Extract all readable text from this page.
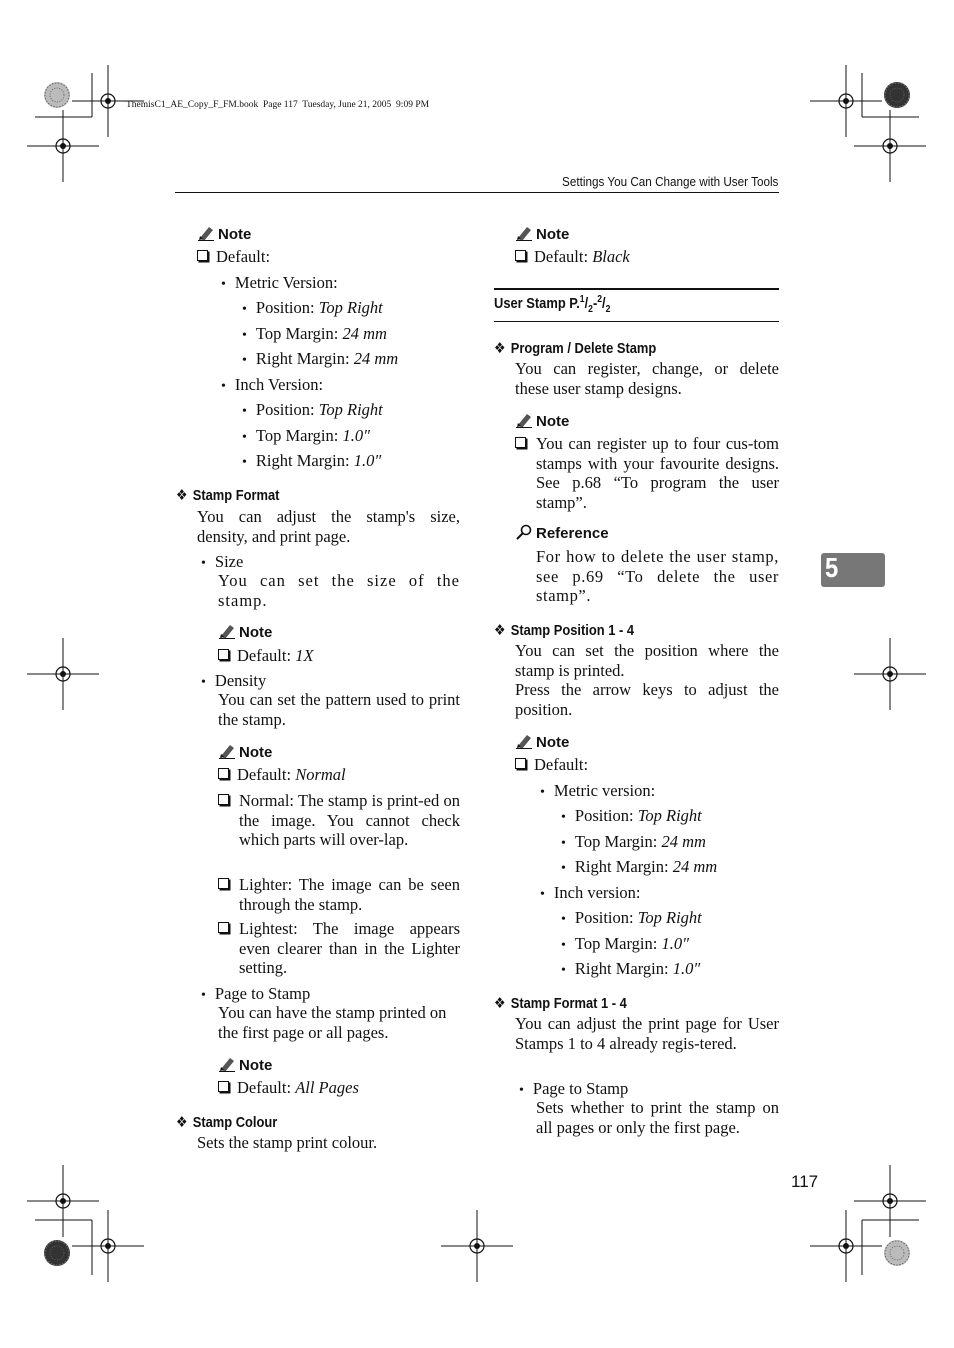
ThemisC1_AE_Copy_F_FM.book  Page 117  Tuesday, June 21, 2005  9:09 PM
Settings You Can Change with User Tools
5
Note
Default:
• Metric Version:
• Position: Top Right
• Top Margin: 24 mm
• Right Margin: 24 mm
• Inch Version:
• Position: Top Right
• Top Margin: 1.0″
• Right Margin: 1.0″
❖ Stamp Format
You can adjust the stamp's size, density, and print page.
• Size
You can set the size of the stamp.
Note
Default: 1X
• Density
You can set the pattern used to print the stamp.
Note
Default: Normal
Normal: The stamp is print-ed on the image. You cannot check which parts will over-lap.
Lighter: The image can be seen through the stamp.
Lightest: The image appears even clearer than in the Lighter setting.
• Page to Stamp
You can have the stamp printed on the first page or all pages.
Note
Default: All Pages
❖ Stamp Colour
Sets the stamp print colour.
Note
Default: Black
User Stamp $P.^1/_2-^2/_2$
❖ Program / Delete Stamp
You can register, change, or delete these user stamp designs.
Note
You can register up to four cus-tom stamps with your favourite designs. See p.68 “To program the user stamp”.
Reference
For how to delete the user stamp, see p.69 “To delete the user stamp”.
❖ Stamp Position 1 - 4
You can set the position where the stamp is printed.
Press the arrow keys to adjust the position.
Note
Default:
• Metric version:
• Position: Top Right
• Top Margin: 24 mm
• Right Margin: 24 mm
• Inch version:
• Position: Top Right
• Top Margin: 1.0″
• Right Margin: 1.0″
❖ Stamp Format 1 - 4
You can adjust the print page for User Stamps 1 to 4 already regis-tered.
• Page to Stamp
Sets whether to print the stamp on all pages or only the first page.
117
